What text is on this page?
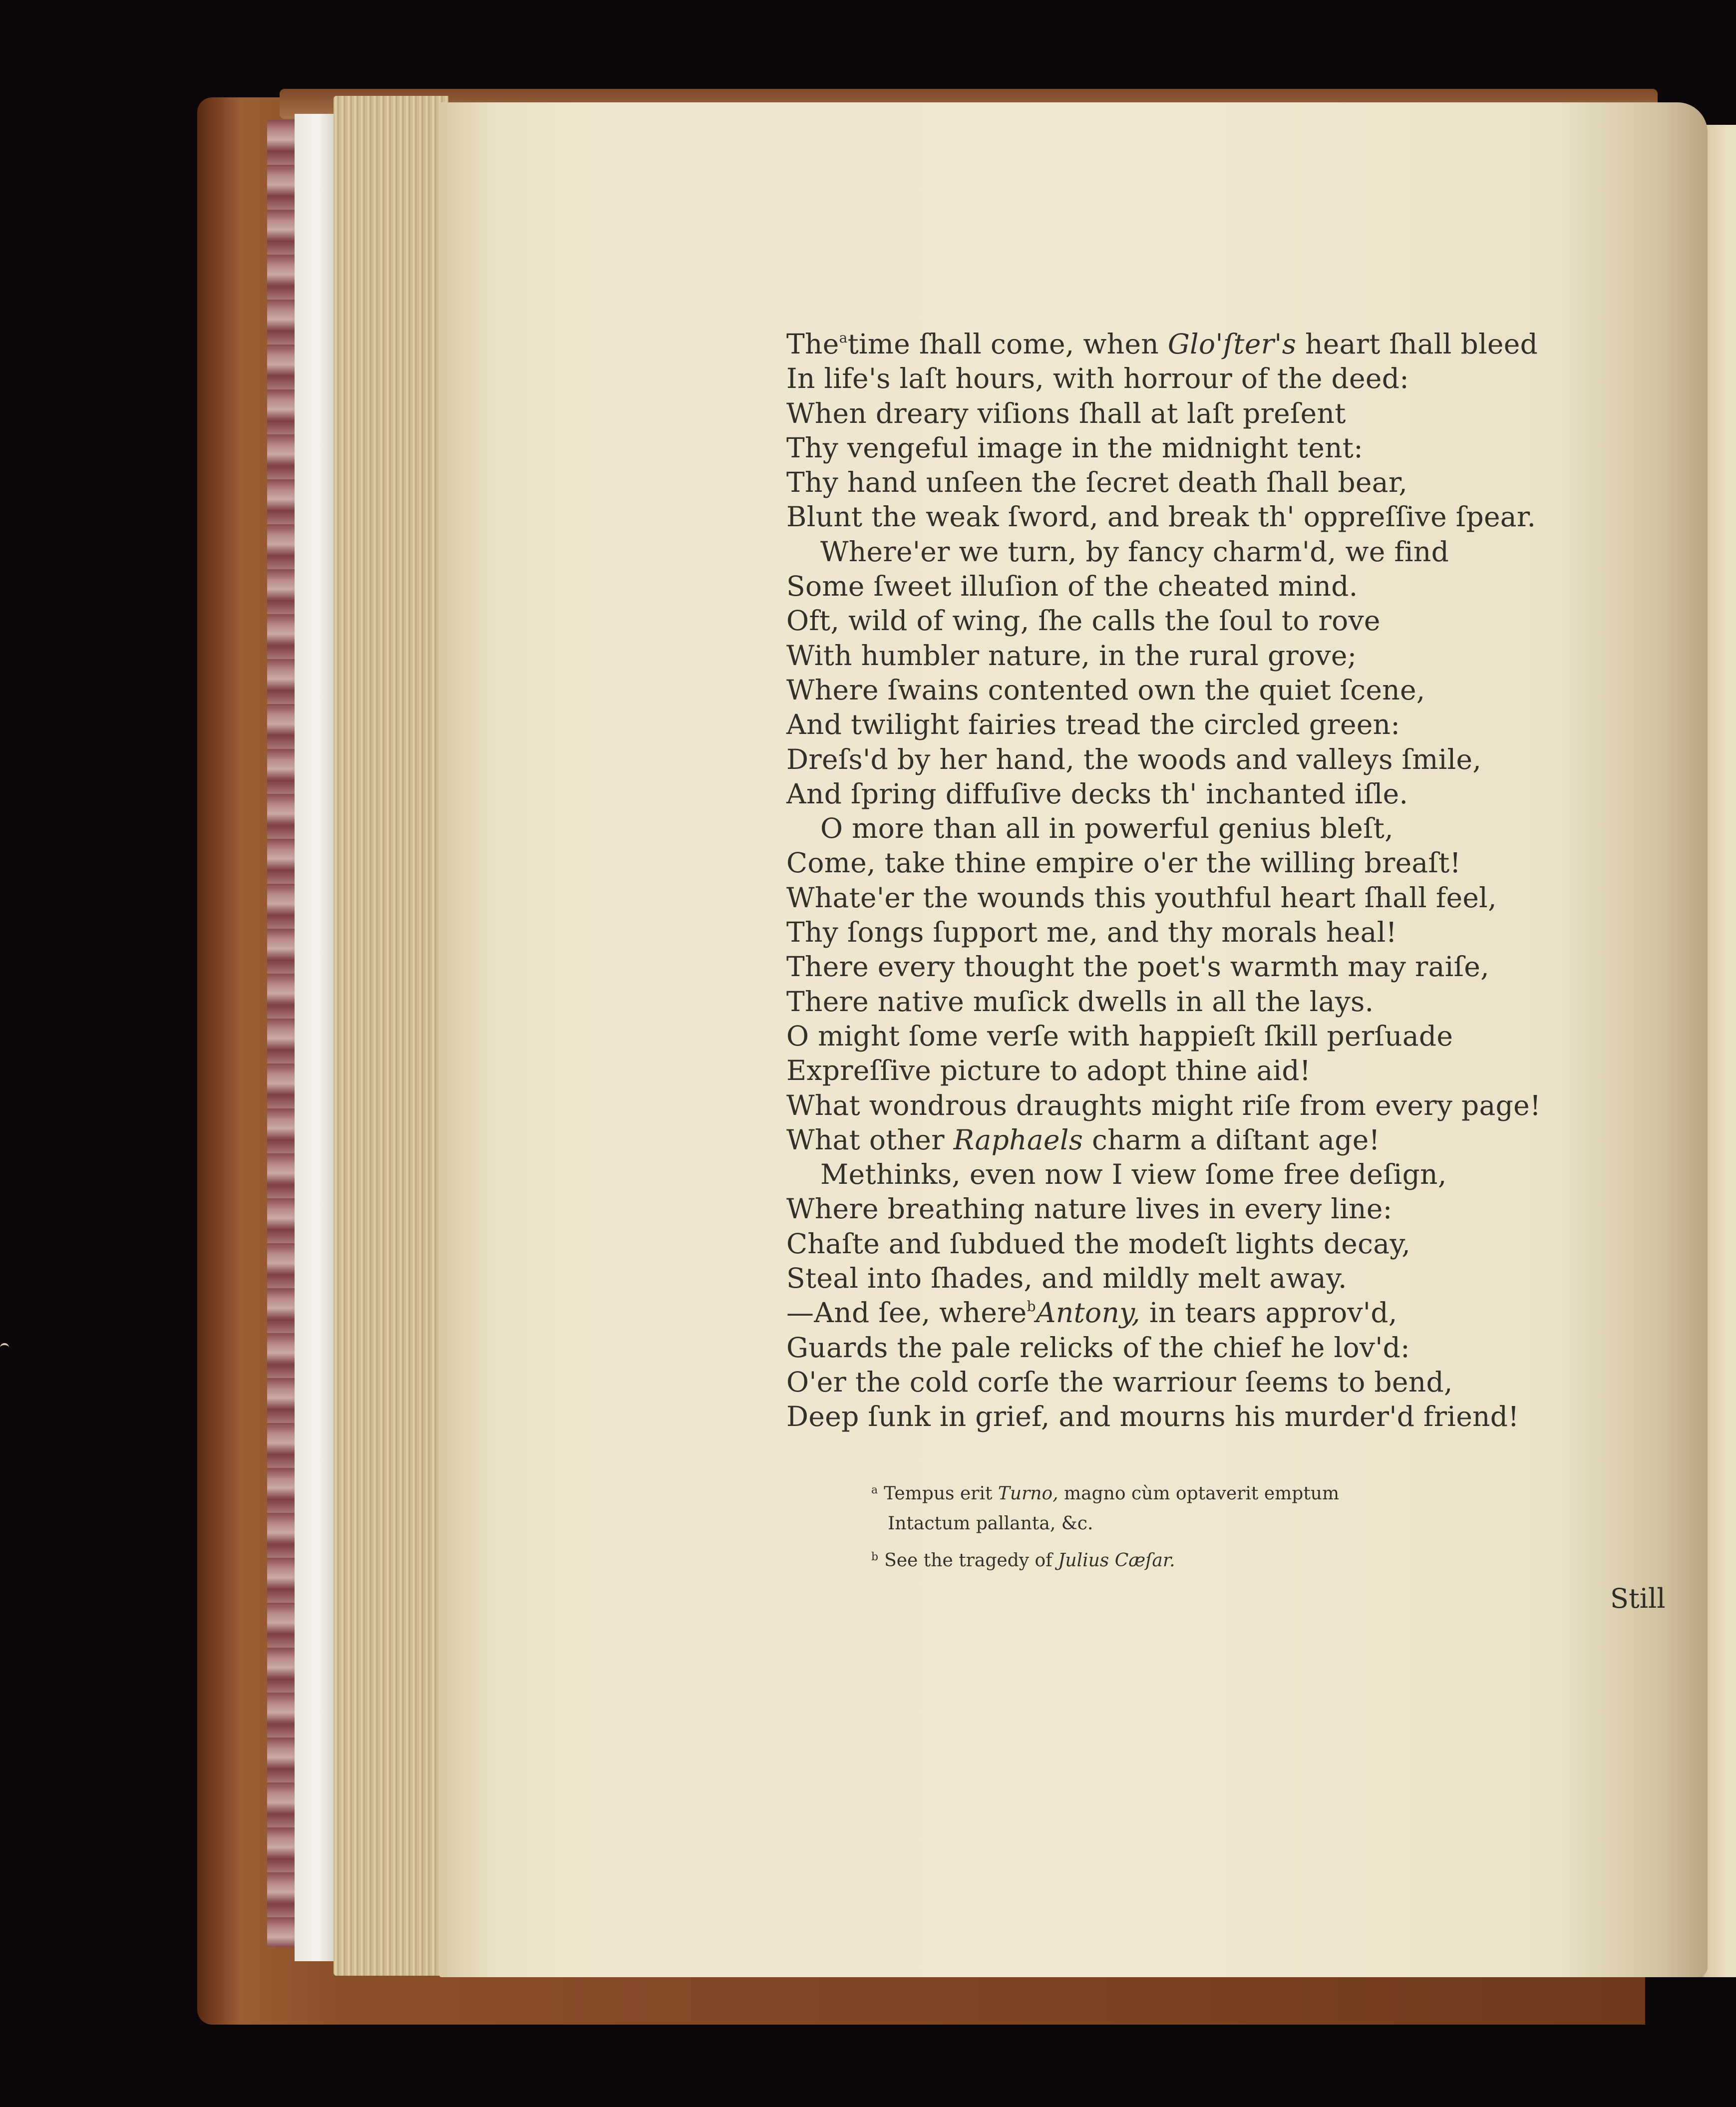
The$^a$time ſhall come, when Glo'ſter's heart ſhall bleed
In life's laſt hours, with horrour of the deed:
When dreary viſions ſhall at laſt preſent
Thy vengeful image in the midnight tent:
Thy hand unſeen the ſecret death ſhall bear,
Blunt the weak ſword, and break th' oppreſſive ſpear.
Where'er we turn, by fancy charm'd, we find
Some ſweet illuſion of the cheated mind.
Oft, wild of wing, ſhe calls the ſoul to rove
With humbler nature, in the rural grove;
Where ſwains contented own the quiet ſcene,
And twilight fairies tread the circled green:
Dreſs'd by her hand, the woods and valleys ſmile,
And ſpring diffuſive decks th' inchanted iſle.
O more than all in powerful genius bleſt,
Come, take thine empire o'er the willing breaſt!
Whate'er the wounds this youthful heart ſhall feel,
Thy ſongs ſupport me, and thy morals heal!
There every thought the poet's warmth may raiſe,
There native muſick dwells in all the lays.
O might ſome verſe with happieſt ſkill perſuade
Expreſſive picture to adopt thine aid!
What wondrous draughts might riſe from every page!
What other Raphaels charm a diſtant age!
Methinks, even now I view ſome free deſign,
Where breathing nature lives in every line:
Chaſte and ſubdued the modeſt lights decay,
Steal into ſhades, and mildly melt away.
—And ſee, where$^b$Antony, in tears approv'd,
Guards the pale relicks of the chief he lov'd:
O'er the cold corſe the warriour ſeems to bend,
Deep ſunk in grief, and mourns his murder'd friend!
$^a$ Tempus erit Turno, magno cùm optaverit emptum
Intactum pallanta, &c.
$^b$ See the tragedy of Julius Cæſar.
Still
